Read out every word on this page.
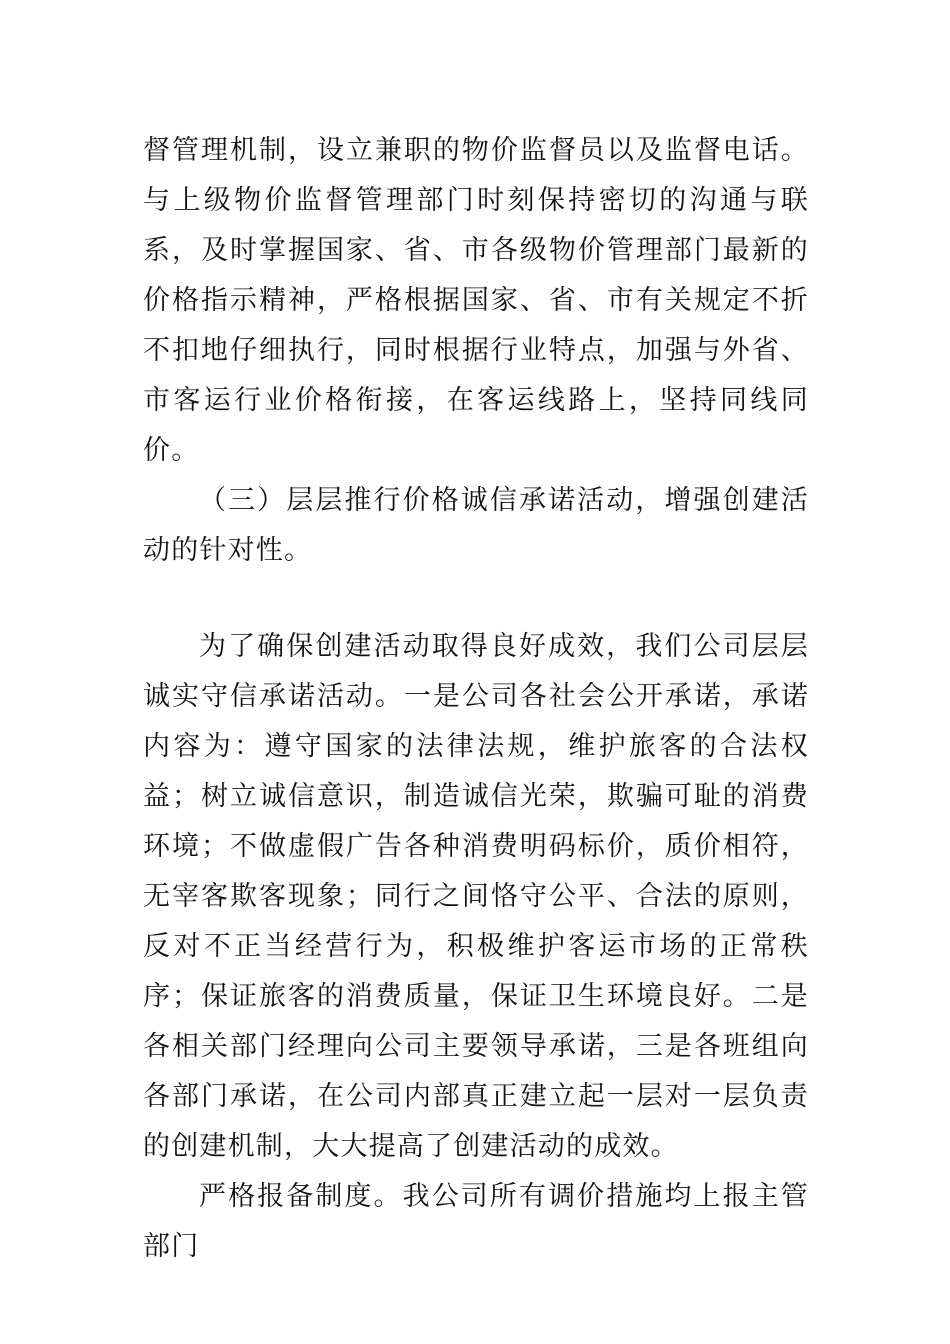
督管理机制，设立兼职的物价监督员以及监督电话。与上级物价监督管理部门时刻保持密切的沟通与联系，及时掌握国家、省、市各级物价管理部门最新的价格指示精神，严格根据国家、省、市有关规定不折不扣地仔细执行，同时根据行业特点，加强与外省、市客运行业价格衔接，在客运线路上，坚持同线同价。

（三）层层推行价格诚信承诺活动，增强创建活动的针对性。

为了确保创建活动取得良好成效，我们公司层层诚实守信承诺活动。一是公司各社会公开承诺，承诺内容为：遵守国家的法律法规，维护旅客的合法权益；树立诚信意识，制造诚信光荣，欺骗可耻的消费环境；不做虚假广告各种消费明码标价，质价相符，无宰客欺客现象；同行之间恪守公平、合法的原则，反对不正当经营行为，积极维护客运市场的正常秩序；保证旅客的消费质量，保证卫生环境良好。二是各相关部门经理向公司主要领导承诺，三是各班组向各部门承诺，在公司内部真正建立起一层对一层负责的创建机制，大大提高了创建活动的成效。

严格报备制度。我公司所有调价措施均上报主管部门
